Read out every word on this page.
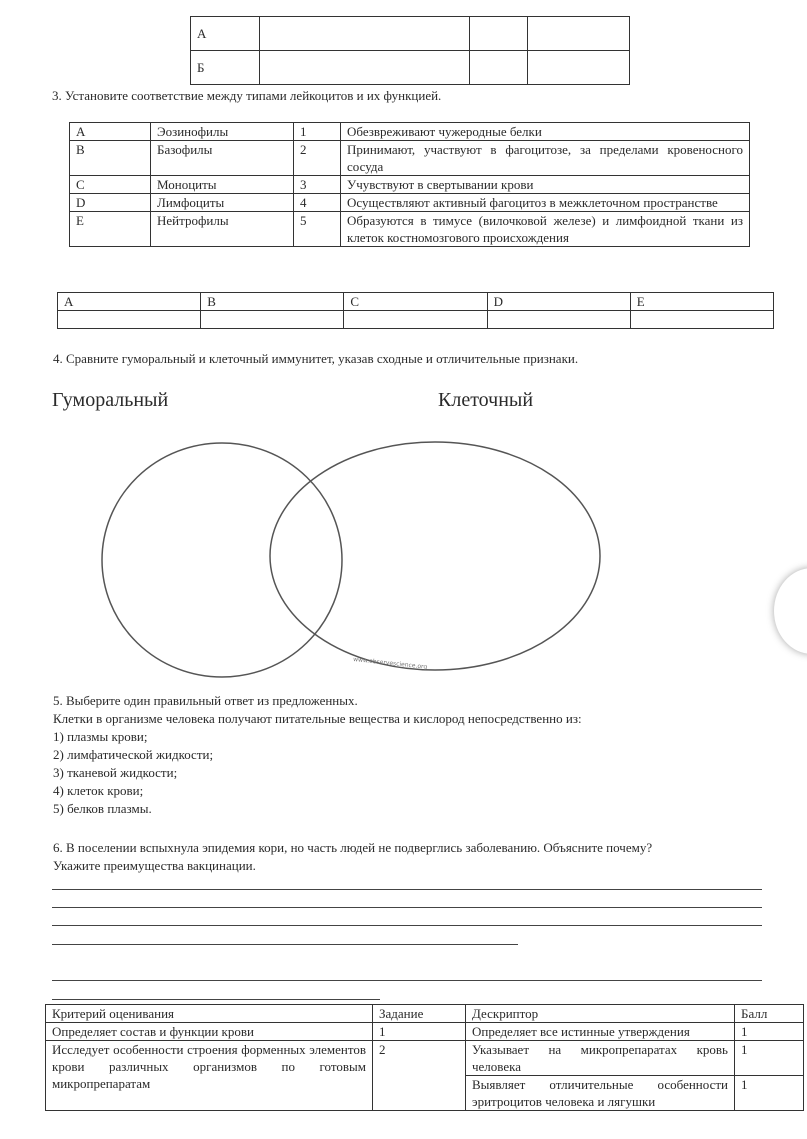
А			
Б			
3. Установите соответствие между типами лейкоцитов и их функцией.
A	Эозинофилы	1	Обезвреживают чужеродные белки
B	Базофилы	2	Принимают, участвуют в фагоцитозе, за пределами кровеносного сосуда
C	Моноциты	3	Учувствуют в свертывании крови
D	Лимфоциты	4	Осуществляют активный фагоцитоз в межклеточном пространстве
E	Нейтрофилы	5	Образуются в тимусе (вилочковой железе) и лимфоидной ткани из клеток костномозгового происхождения
A	B	C	D	E

4. Сравните гуморальный и клеточный иммунитет, указав сходные и отличительные признаки.
Гуморальный	Клеточный
www.observescience.org
5. Выберите один правильный ответ из предложенных.
Клетки в организме человека получают питательные вещества и кислород непосредственно из:
1) плазмы крови;
2) лимфатической жидкости;
3) тканевой жидкости;
4) клеток крови;
5) белков плазмы.
6. В поселении вспыхнула эпидемия кори, но часть людей не подверглись заболеванию. Объясните почему?
Укажите преимущества вакцинации.
Критерий оценивания	Задание	Дескриптор	Балл
Определяет состав и функции крови	1	Определяет все истинные утверждения	1
Исследует особенности строения форменных элементов крови различных организмов по готовым микропрепаратам	2	Указывает на микропрепаратах кровь человека	1
		Выявляет отличительные особенности эритроцитов человека и лягушки	1
